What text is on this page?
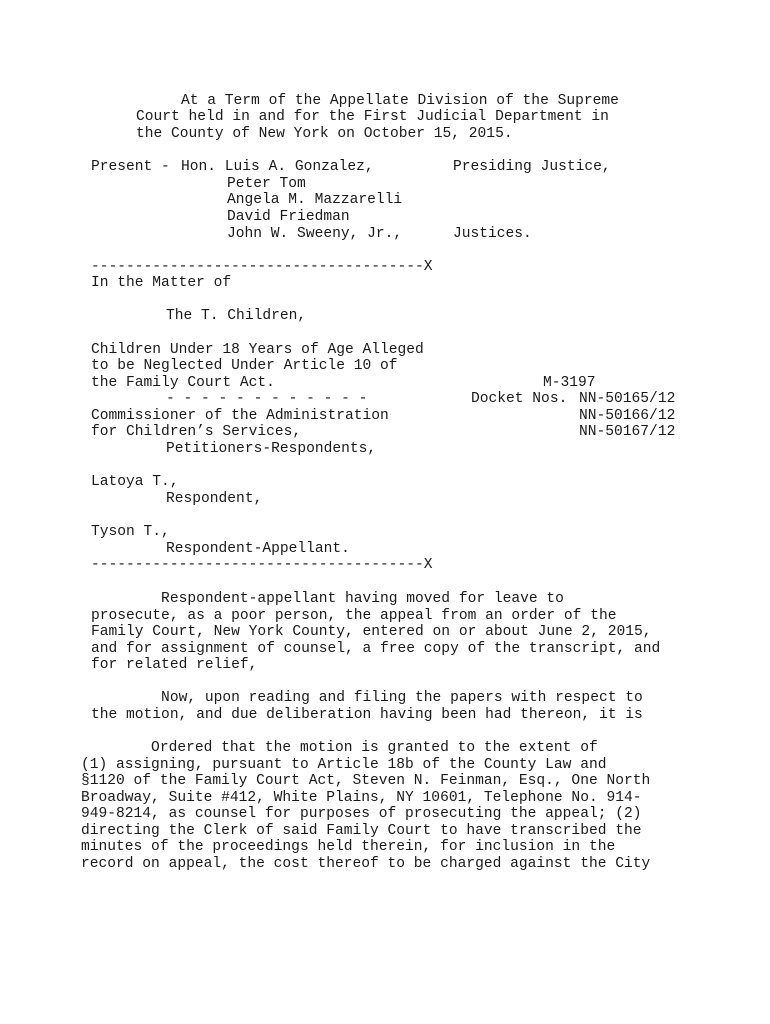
At a Term of the Appellate Division of the Supreme
Court held in and for the First Judicial Department in
the County of New York on October 15, 2015.
Present - Hon. Luis A. Gonzalez,	Presiding Justice,
Peter Tom
Angela M. Mazzarelli
David Friedman
John W. Sweeny, Jr.,	Justices.
--------------------------------------X
In the Matter of
The T. Children,
Children Under 18 Years of Age Alleged
to be Neglected Under Article 10 of
the Family Court Act.
- - - - - - - - - - - -
Commissioner of the Administration
for Children’s Services,
Petitioners-Respondents,
Latoya T.,
Respondent,
Tyson T.,
Respondent-Appellant.
--------------------------------------X
M-3197
Docket Nos. NN-50165/12
NN-50166/12
NN-50167/12
Respondent-appellant having moved for leave to
prosecute, as a poor person, the appeal from an order of the
Family Court, New York County, entered on or about June 2, 2015,
and for assignment of counsel, a free copy of the transcript, and
for related relief,
Now, upon reading and filing the papers with respect to
the motion, and due deliberation having been had thereon, it is
Ordered that the motion is granted to the extent of
(1) assigning, pursuant to Article 18b of the County Law and
§1120 of the Family Court Act, Steven N. Feinman, Esq., One North
Broadway, Suite #412, White Plains, NY 10601, Telephone No. 914-
949-8214, as counsel for purposes of prosecuting the appeal; (2)
directing the Clerk of said Family Court to have transcribed the
minutes of the proceedings held therein, for inclusion in the
record on appeal, the cost thereof to be charged against the City
